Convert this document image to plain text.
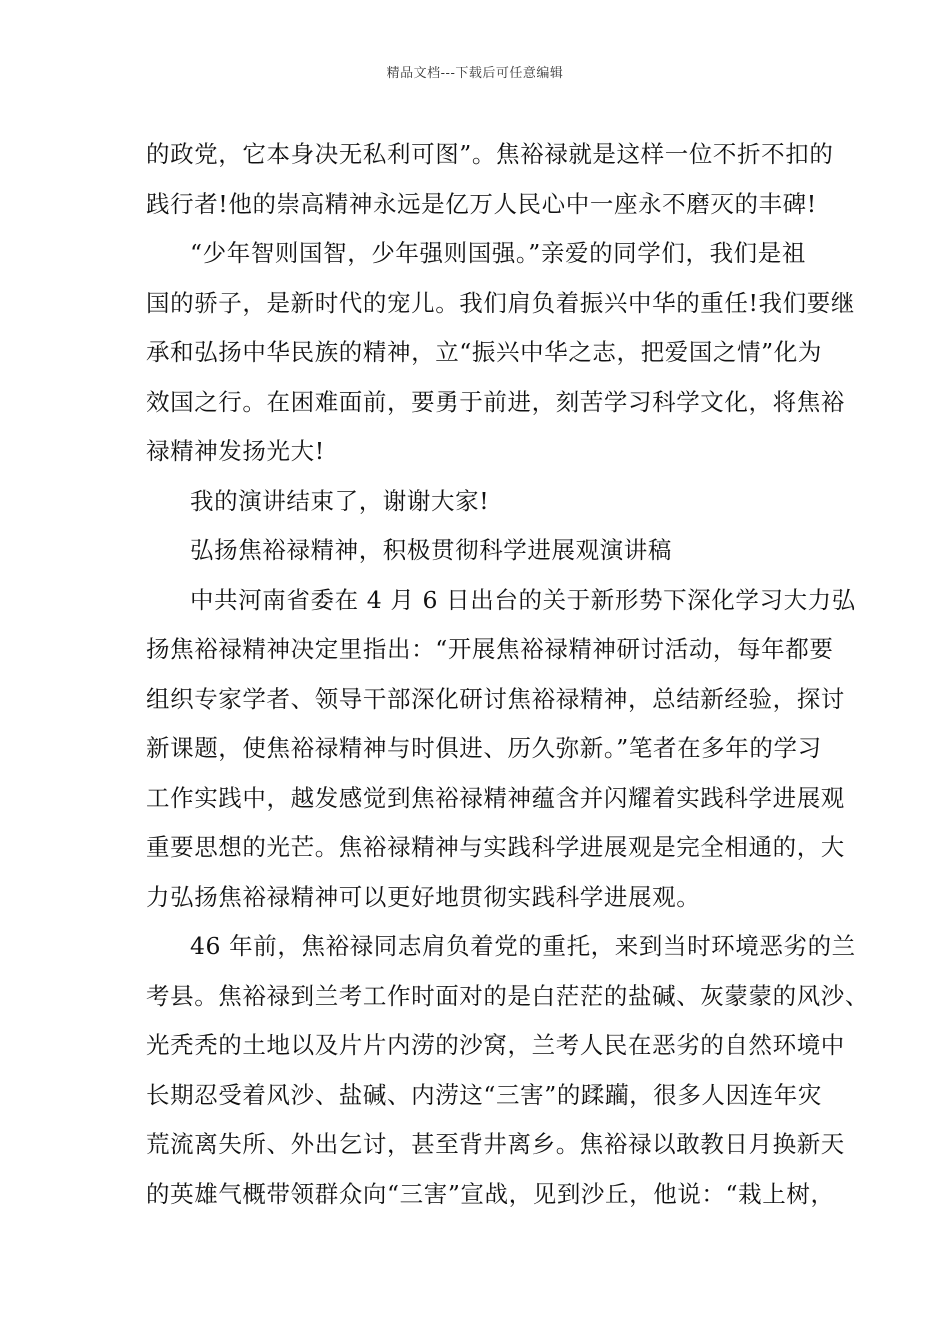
精品文档---下载后可任意编辑
的政党，它本身决无私利可图”。焦裕禄就是这样一位不折不扣的
践行者!他的崇高精神永远是亿万人民心中一座永不磨灭的丰碑!
“少年智则国智，少年强则国强。”亲爱的同学们，我们是祖
国的骄子，是新时代的宠儿。我们肩负着振兴中华的重任!我们要继
承和弘扬中华民族的精神，立“振兴中华之志，把爱国之情”化为
效国之行。在困难面前，要勇于前进，刻苦学习科学文化，将焦裕
禄精神发扬光大!
我的演讲结束了，谢谢大家!
弘扬焦裕禄精神，积极贯彻科学进展观演讲稿
中共河南省委在 4 月 6 日出台的关于新形势下深化学习大力弘
扬焦裕禄精神决定里指出：“开展焦裕禄精神研讨活动，每年都要
组织专家学者、领导干部深化研讨焦裕禄精神，总结新经验，探讨
新课题，使焦裕禄精神与时俱进、历久弥新。”笔者在多年的学习
工作实践中，越发感觉到焦裕禄精神蕴含并闪耀着实践科学进展观
重要思想的光芒。焦裕禄精神与实践科学进展观是完全相通的，大
力弘扬焦裕禄精神可以更好地贯彻实践科学进展观。
46 年前，焦裕禄同志肩负着党的重托，来到当时环境恶劣的兰
考县。焦裕禄到兰考工作时面对的是白茫茫的盐碱、灰蒙蒙的风沙、
光秃秃的土地以及片片内涝的沙窝，兰考人民在恶劣的自然环境中
长期忍受着风沙、盐碱、内涝这“三害”的蹂躏，很多人因连年灾
荒流离失所、外出乞讨，甚至背井离乡。焦裕禄以敢教日月换新天
的英雄气概带领群众向“三害”宣战，见到沙丘，他说：“栽上树，
